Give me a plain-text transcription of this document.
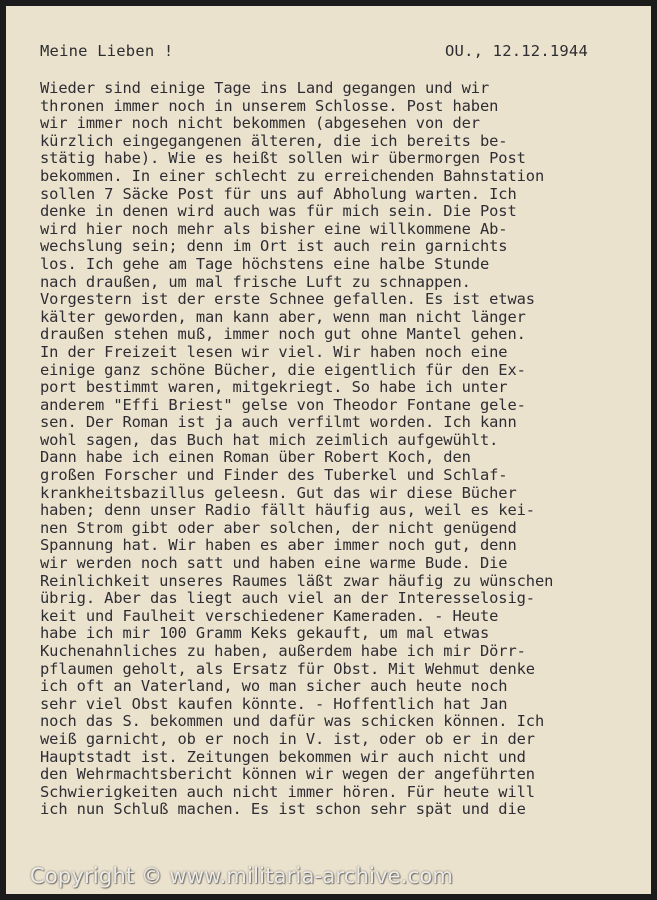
Meine Lieben !	OU., 12.12.1944
Wieder sind einige Tage ins Land gegangen und wir
thronen immer noch in unserem Schlosse. Post haben
wir immer noch nicht bekommen (abgesehen von der
kürzlich eingegangenen älteren, die ich bereits be-
stätig habe). Wie es heißt sollen wir übermorgen Post
bekommen. In einer schlecht zu erreichenden Bahnstation
sollen 7 Säcke Post für uns auf Abholung warten. Ich
denke in denen wird auch was für mich sein. Die Post
wird hier noch mehr als bisher eine willkommene Ab-
wechslung sein; denn im Ort ist auch rein garnichts
los. Ich gehe am Tage höchstens eine halbe Stunde
nach draußen, um mal frische Luft zu schnappen.
Vorgestern ist der erste Schnee gefallen. Es ist etwas
kälter geworden, man kann aber, wenn man nicht länger
draußen stehen muß, immer noch gut ohne Mantel gehen.
In der Freizeit lesen wir viel. Wir haben noch eine
einige ganz schöne Bücher, die eigentlich für den Ex-
port bestimmt waren, mitgekriegt. So habe ich unter
anderem "Effi Briest" gelse von Theodor Fontane gele-
sen. Der Roman ist ja auch verfilmt worden. Ich kann
wohl sagen, das Buch hat mich zeimlich aufgewühlt.
Dann habe ich einen Roman über Robert Koch, den
großen Forscher und Finder des Tuberkel und Schlaf-
krankheitsbazillus geleesn. Gut das wir diese Bücher
haben; denn unser Radio fällt häufig aus, weil es kei-
nen Strom gibt oder aber solchen, der nicht genügend
Spannung hat. Wir haben es aber immer noch gut, denn
wir werden noch satt und haben eine warme Bude. Die
Reinlichkeit unseres Raumes läßt zwar häufig zu wünschen
übrig. Aber das liegt auch viel an der Interesselosig-
keit und Faulheit verschiedener Kameraden. - Heute
habe ich mir 100 Gramm Keks gekauft, um mal etwas
Kuchenahnliches zu haben, außerdem habe ich mir Dörr-
pflaumen geholt, als Ersatz für Obst. Mit Wehmut denke
ich oft an Vaterland, wo man sicher auch heute noch
sehr viel Obst kaufen könnte. - Hoffentlich hat Jan
noch das S. bekommen und dafür was schicken können. Ich
weiß garnicht, ob er noch in V. ist, oder ob er in der
Hauptstadt ist. Zeitungen bekommen wir auch nicht und
den Wehrmachtsbericht können wir wegen der angeführten
Schwierigkeiten auch nicht immer hören. Für heute will
ich nun Schluß machen. Es ist schon sehr spät und die
Copyright © www.militaria-archive.com
